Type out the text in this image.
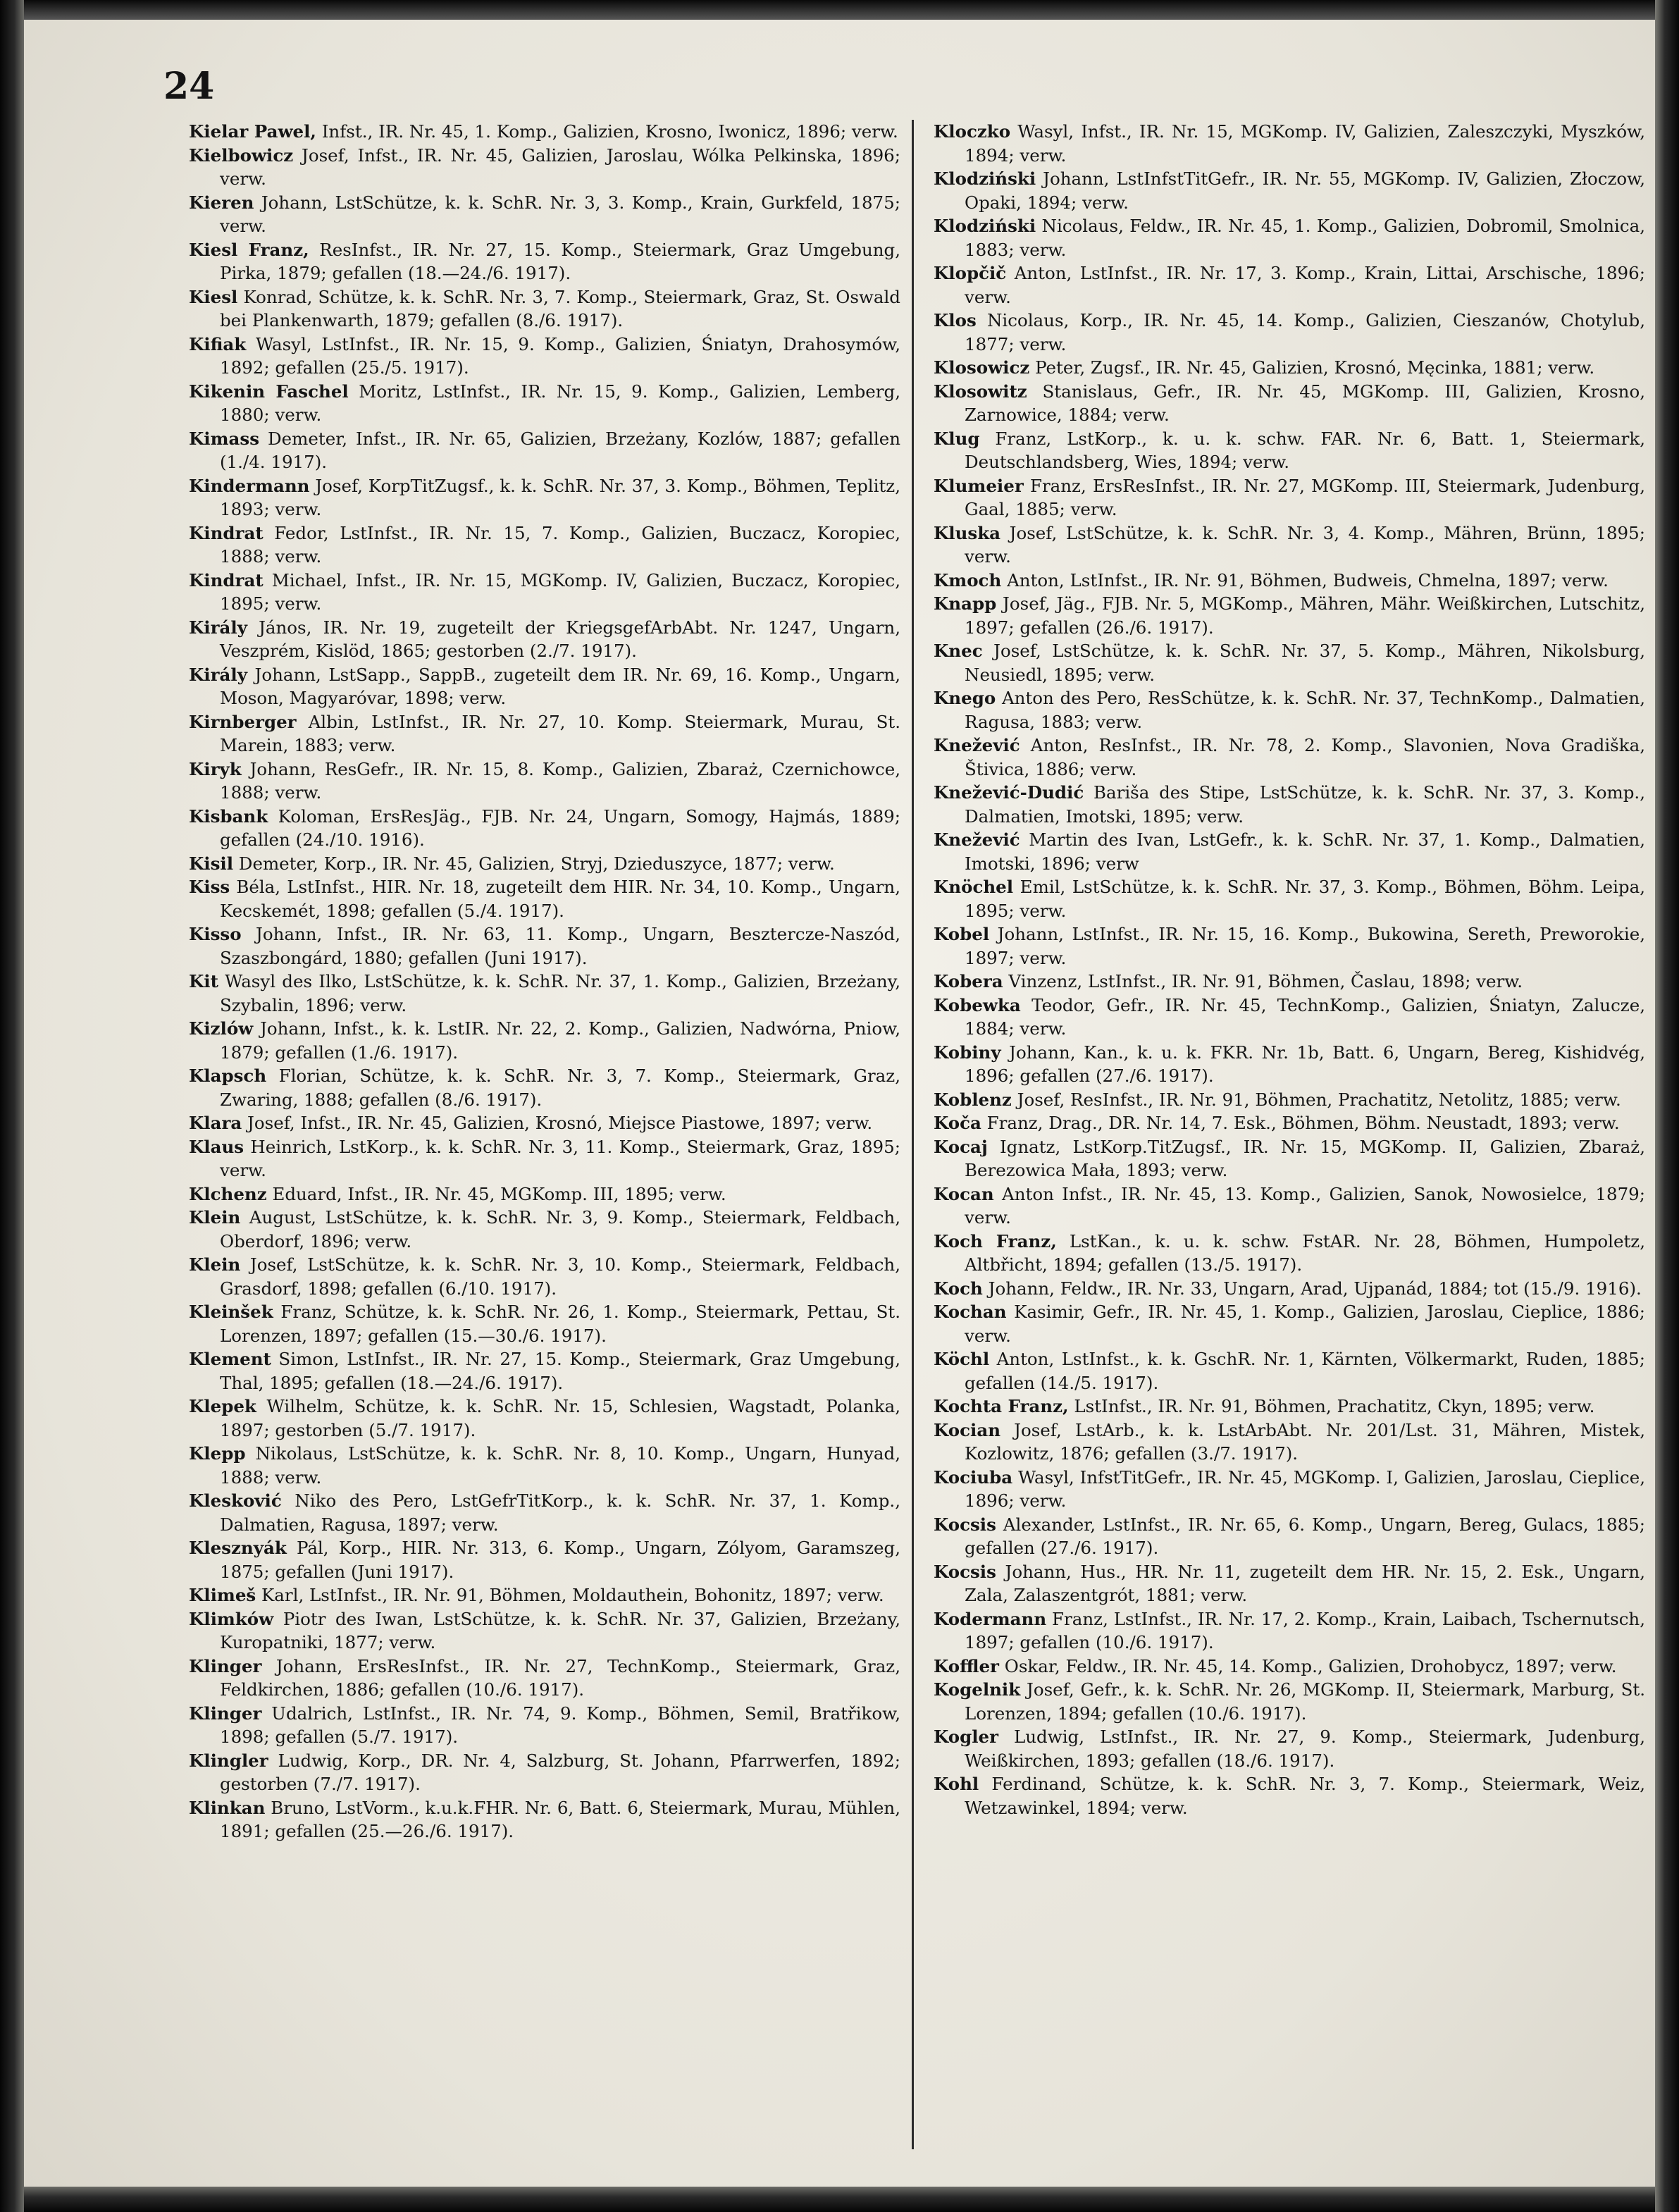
24

Kielar Pawel, Infst., IR. Nr. 45, 1. Komp., Galizien, Krosno, Iwonicz, 1896; verw.

Kielbowicz Josef, Infst., IR. Nr. 45, Galizien, Jaroslau, Wólka Pelkinska, 1896; verw.

Kieren Johann, LstSchütze, k. k. SchR. Nr. 3, 3. Komp., Krain, Gurkfeld, 1875; verw.

Kiesl Franz, ResInfst., IR. Nr. 27, 15. Komp., Steiermark, Graz Umgebung, Pirka, 1879; gefallen (18.—24./6. 1917).

Kiesl Konrad, Schütze, k. k. SchR. Nr. 3, 7. Komp., Steiermark, Graz, St. Oswald bei Plankenwarth, 1879; gefallen (8./6. 1917).

Kifiak Wasyl, LstInfst., IR. Nr. 15, 9. Komp., Galizien, Śniatyn, Drahosymów, 1892; gefallen (25./5. 1917).

Kikenin Faschel Moritz, LstInfst., IR. Nr. 15, 9. Komp., Galizien, Lemberg, 1880; verw.

Kimass Demeter, Infst., IR. Nr. 65, Galizien, Brzeżany, Kozlów, 1887; gefallen (1./4. 1917).

Kindermann Josef, KorpTitZugsf., k. k. SchR. Nr. 37, 3. Komp., Böhmen, Teplitz, 1893; verw.

Kindrat Fedor, LstInfst., IR. Nr. 15, 7. Komp., Galizien, Buczacz, Koropiec, 1888; verw.

Kindrat Michael, Infst., IR. Nr. 15, MGKomp. IV, Galizien, Buczacz, Koropiec, 1895; verw.

Király János, IR. Nr. 19, zugeteilt der KriegsgefArbAbt. Nr. 1247, Ungarn, Veszprém, Kislöd, 1865; gestorben (2./7. 1917).

Király Johann, LstSapp., SappB., zugeteilt dem IR. Nr. 69, 16. Komp., Ungarn, Moson, Magyaróvar, 1898; verw.

Kirnberger Albin, LstInfst., IR. Nr. 27, 10. Komp. Steiermark, Murau, St. Marein, 1883; verw.

Kiryk Johann, ResGefr., IR. Nr. 15, 8. Komp., Galizien, Zbaraż, Czernichowce, 1888; verw.

Kisbank Koloman, ErsResJäg., FJB. Nr. 24, Ungarn, Somogy, Hajmás, 1889; gefallen (24./10. 1916).

Kisil Demeter, Korp., IR. Nr. 45, Galizien, Stryj, Dzieduszyce, 1877; verw.

Kiss Béla, LstInfst., HIR. Nr. 18, zugeteilt dem HIR. Nr. 34, 10. Komp., Ungarn, Kecskemét, 1898; gefallen (5./4. 1917).

Kisso Johann, Infst., IR. Nr. 63, 11. Komp., Ungarn, Besztercze-Naszód, Szaszbongárd, 1880; gefallen (Juni 1917).

Kit Wasyl des Ilko, LstSchütze, k. k. SchR. Nr. 37, 1. Komp., Galizien, Brzeżany, Szybalin, 1896; verw.

Kizlów Johann, Infst., k. k. LstIR. Nr. 22, 2. Komp., Galizien, Nadwórna, Pniow, 1879; gefallen (1./6. 1917).

Klapsch Florian, Schütze, k. k. SchR. Nr. 3, 7. Komp., Steiermark, Graz, Zwaring, 1888; gefallen (8./6. 1917).

Klara Josef, Infst., IR. Nr. 45, Galizien, Krosnó, Miejsce Piastowe, 1897; verw.

Klaus Heinrich, LstKorp., k. k. SchR. Nr. 3, 11. Komp., Steiermark, Graz, 1895; verw.

Klchenz Eduard, Infst., IR. Nr. 45, MGKomp. III, 1895; verw.

Klein August, LstSchütze, k. k. SchR. Nr. 3, 9. Komp., Steiermark, Feldbach, Oberdorf, 1896; verw.

Klein Josef, LstSchütze, k. k. SchR. Nr. 3, 10. Komp., Steiermark, Feldbach, Grasdorf, 1898; gefallen (6./10. 1917).

Kleinšek Franz, Schütze, k. k. SchR. Nr. 26, 1. Komp., Steiermark, Pettau, St. Lorenzen, 1897; gefallen (15.—30./6. 1917).

Klement Simon, LstInfst., IR. Nr. 27, 15. Komp., Steiermark, Graz Umgebung, Thal, 1895; gefallen (18.—24./6. 1917).

Klepek Wilhelm, Schütze, k. k. SchR. Nr. 15, Schlesien, Wagstadt, Polanka, 1897; gestorben (5./7. 1917).

Klepp Nikolaus, LstSchütze, k. k. SchR. Nr. 8, 10. Komp., Ungarn, Hunyad, 1888; verw.

Klesković Niko des Pero, LstGefrTitKorp., k. k. SchR. Nr. 37, 1. Komp., Dalmatien, Ragusa, 1897; verw.

Klesznyák Pál, Korp., HIR. Nr. 313, 6. Komp., Ungarn, Zólyom, Garamszeg, 1875; gefallen (Juni 1917).

Klimeš Karl, LstInfst., IR. Nr. 91, Böhmen, Moldauthein, Bohonitz, 1897; verw.

Klimków Piotr des Iwan, LstSchütze, k. k. SchR. Nr. 37, Galizien, Brzeżany, Kuropatniki, 1877; verw.

Klinger Johann, ErsResInfst., IR. Nr. 27, TechnKomp., Steiermark, Graz, Feldkirchen, 1886; gefallen (10./6. 1917).

Klinger Udalrich, LstInfst., IR. Nr. 74, 9. Komp., Böhmen, Semil, Bratřikow, 1898; gefallen (5./7. 1917).

Klingler Ludwig, Korp., DR. Nr. 4, Salzburg, St. Johann, Pfarrwerfen, 1892; gestorben (7./7. 1917).

Klinkan Bruno, LstVorm., k.u.k.FHR. Nr. 6, Batt. 6, Steiermark, Murau, Mühlen, 1891; gefallen (25.—26./6. 1917).

Kloczko Wasyl, Infst., IR. Nr. 15, MGKomp. IV, Galizien, Zaleszczyki, Myszków, 1894; verw.

Klodziński Johann, LstInfstTitGefr., IR. Nr. 55, MGKomp. IV, Galizien, Złoczow, Opaki, 1894; verw.

Klodziński Nicolaus, Feldw., IR. Nr. 45, 1. Komp., Galizien, Dobromil, Smolnica, 1883; verw.

Klopčič Anton, LstInfst., IR. Nr. 17, 3. Komp., Krain, Littai, Arschische, 1896; verw.

Klos Nicolaus, Korp., IR. Nr. 45, 14. Komp., Galizien, Cieszanów, Chotylub, 1877; verw.

Klosowicz Peter, Zugsf., IR. Nr. 45, Galizien, Krosnó, Męcinka, 1881; verw.

Klosowitz Stanislaus, Gefr., IR. Nr. 45, MGKomp. III, Galizien, Krosno, Zarnowice, 1884; verw.

Klug Franz, LstKorp., k. u. k. schw. FAR. Nr. 6, Batt. 1, Steiermark, Deutschlandsberg, Wies, 1894; verw.

Klumeier Franz, ErsResInfst., IR. Nr. 27, MGKomp. III, Steiermark, Judenburg, Gaal, 1885; verw.

Kluska Josef, LstSchütze, k. k. SchR. Nr. 3, 4. Komp., Mähren, Brünn, 1895; verw.

Kmoch Anton, LstInfst., IR. Nr. 91, Böhmen, Budweis, Chmelna, 1897; verw.

Knapp Josef, Jäg., FJB. Nr. 5, MGKomp., Mähren, Mähr. Weißkirchen, Lutschitz, 1897; gefallen (26./6. 1917).

Knec Josef, LstSchütze, k. k. SchR. Nr. 37, 5. Komp., Mähren, Nikolsburg, Neusiedl, 1895; verw.

Knego Anton des Pero, ResSchütze, k. k. SchR. Nr. 37, TechnKomp., Dalmatien, Ragusa, 1883; verw.

Knežević Anton, ResInfst., IR. Nr. 78, 2. Komp., Slavonien, Nova Gradiška, Štivica, 1886; verw.

Knežević-Dudić Bariša des Stipe, LstSchütze, k. k. SchR. Nr. 37, 3. Komp., Dalmatien, Imotski, 1895; verw.

Knežević Martin des Ivan, LstGefr., k. k. SchR. Nr. 37, 1. Komp., Dalmatien, Imotski, 1896; verw

Knöchel Emil, LstSchütze, k. k. SchR. Nr. 37, 3. Komp., Böhmen, Böhm. Leipa, 1895; verw.

Kobel Johann, LstInfst., IR. Nr. 15, 16. Komp., Bukowina, Sereth, Preworokie, 1897; verw.

Kobera Vinzenz, LstInfst., IR. Nr. 91, Böhmen, Časlau, 1898; verw.

Kobewka Teodor, Gefr., IR. Nr. 45, TechnKomp., Galizien, Śniatyn, Zalucze, 1884; verw.

Kobiny Johann, Kan., k. u. k. FKR. Nr. 1b, Batt. 6, Ungarn, Bereg, Kishidvég, 1896; gefallen (27./6. 1917).

Koblenz Josef, ResInfst., IR. Nr. 91, Böhmen, Prachatitz, Netolitz, 1885; verw.

Koča Franz, Drag., DR. Nr. 14, 7. Esk., Böhmen, Böhm. Neustadt, 1893; verw.

Kocaj Ignatz, LstKorp.TitZugsf., IR. Nr. 15, MGKomp. II, Galizien, Zbaraż, Berezowica Mała, 1893; verw.

Kocan Anton Infst., IR. Nr. 45, 13. Komp., Galizien, Sanok, Nowosielce, 1879; verw.

Koch Franz, LstKan., k. u. k. schw. FstAR. Nr. 28, Böhmen, Humpoletz, Altbřicht, 1894; gefallen (13./5. 1917).

Koch Johann, Feldw., IR. Nr. 33, Ungarn, Arad, Ujpanád, 1884; tot (15./9. 1916).

Kochan Kasimir, Gefr., IR. Nr. 45, 1. Komp., Galizien, Jaroslau, Cieplice, 1886; verw.

Köchl Anton, LstInfst., k. k. GschR. Nr. 1, Kärnten, Völkermarkt, Ruden, 1885; gefallen (14./5. 1917).

Kochta Franz, LstInfst., IR. Nr. 91, Böhmen, Prachatitz, Ckyn, 1895; verw.

Kocian Josef, LstArb., k. k. LstArbAbt. Nr. 201/Lst. 31, Mähren, Mistek, Kozlowitz, 1876; gefallen (3./7. 1917).

Kociuba Wasyl, InfstTitGefr., IR. Nr. 45, MGKomp. I, Galizien, Jaroslau, Cieplice, 1896; verw.

Kocsis Alexander, LstInfst., IR. Nr. 65, 6. Komp., Ungarn, Bereg, Gulacs, 1885; gefallen (27./6. 1917).

Kocsis Johann, Hus., HR. Nr. 11, zugeteilt dem HR. Nr. 15, 2. Esk., Ungarn, Zala, Zalaszentgrót, 1881; verw.

Kodermann Franz, LstInfst., IR. Nr. 17, 2. Komp., Krain, Laibach, Tschernutsch, 1897; gefallen (10./6. 1917).

Koffler Oskar, Feldw., IR. Nr. 45, 14. Komp., Galizien, Drohobycz, 1897; verw.

Kogelnik Josef, Gefr., k. k. SchR. Nr. 26, MGKomp. II, Steiermark, Marburg, St. Lorenzen, 1894; gefallen (10./6. 1917).

Kogler Ludwig, LstInfst., IR. Nr. 27, 9. Komp., Steiermark, Judenburg, Weißkirchen, 1893; gefallen (18./6. 1917).

Kohl Ferdinand, Schütze, k. k. SchR. Nr. 3, 7. Komp., Steiermark, Weiz, Wetzawinkel, 1894; verw.
